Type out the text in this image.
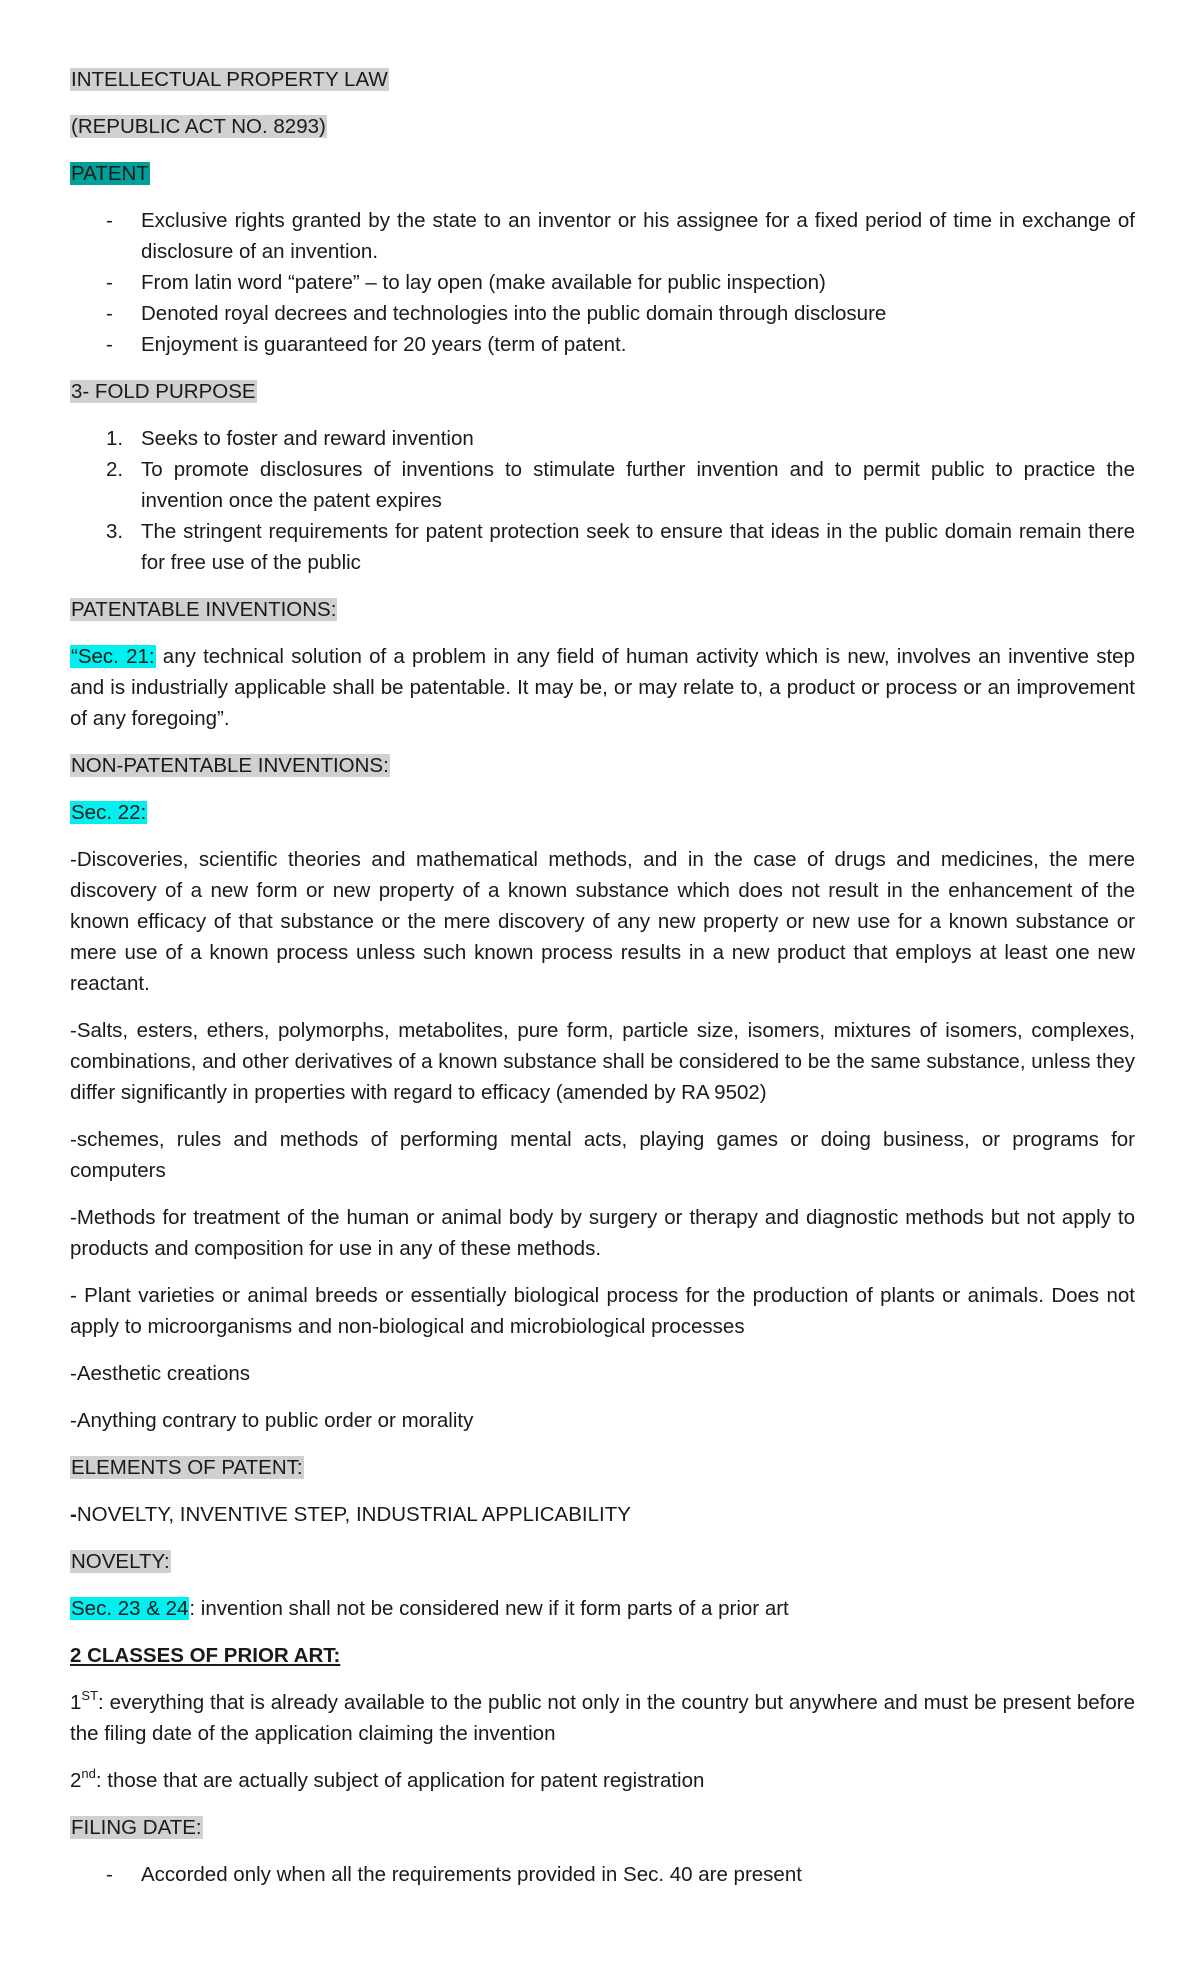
INTELLECTUAL PROPERTY LAW
(REPUBLIC ACT NO. 8293)
PATENT
- Exclusive rights granted by the state to an inventor or his assignee for a fixed period of time in exchange of disclosure of an invention.
- From latin word “patere” – to lay open (make available for public inspection)
- Denoted royal decrees and technologies into the public domain through disclosure
- Enjoyment is guaranteed for 20 years (term of patent.
3- FOLD PURPOSE
1. Seeks to foster and reward invention
2. To promote disclosures of inventions to stimulate further invention and to permit public to practice the invention once the patent expires
3. The stringent requirements for patent protection seek to ensure that ideas in the public domain remain there for free use of the public
PATENTABLE INVENTIONS:

“Sec. 21: any technical solution of a problem in any field of human activity which is new, involves an inventive step and is industrially applicable shall be patentable. It may be, or may relate to, a product or process or an improvement of any foregoing”.

NON-PATENTABLE INVENTIONS:
Sec. 22:

-Discoveries, scientific theories and mathematical methods, and in the case of drugs and medicines, the mere discovery of a new form or new property of a known substance which does not result in the enhancement of the known efficacy of that substance or the mere discovery of any new property or new use for a known substance or mere use of a known process unless such known process results in a new product that employs at least one new reactant.

-Salts, esters, ethers, polymorphs, metabolites, pure form, particle size, isomers, mixtures of isomers, complexes, combinations, and other derivatives of a known substance shall be considered to be the same substance, unless they differ significantly in properties with regard to efficacy (amended by RA 9502)

-schemes, rules and methods of performing mental acts, playing games or doing business, or programs for computers

-Methods for treatment of the human or animal body by surgery or therapy and diagnostic methods but not apply to products and composition for use in any of these methods.

- Plant varieties or animal breeds or essentially biological process for the production of plants or animals. Does not apply to microorganisms and non-biological and microbiological processes

-Aesthetic creations

-Anything contrary to public order or morality

ELEMENTS OF PATENT:

-NOVELTY, INVENTIVE STEP, INDUSTRIAL APPLICABILITY

NOVELTY:

Sec. 23 & 24: invention shall not be considered new if it form parts of a prior art

2 CLASSES OF PRIOR ART:

1ST: everything that is already available to the public not only in the country but anywhere and must be present before the filing date of the application claiming the invention

2nd: those that are actually subject of application for patent registration

FILING DATE:
- Accorded only when all the requirements provided in Sec. 40 are present
